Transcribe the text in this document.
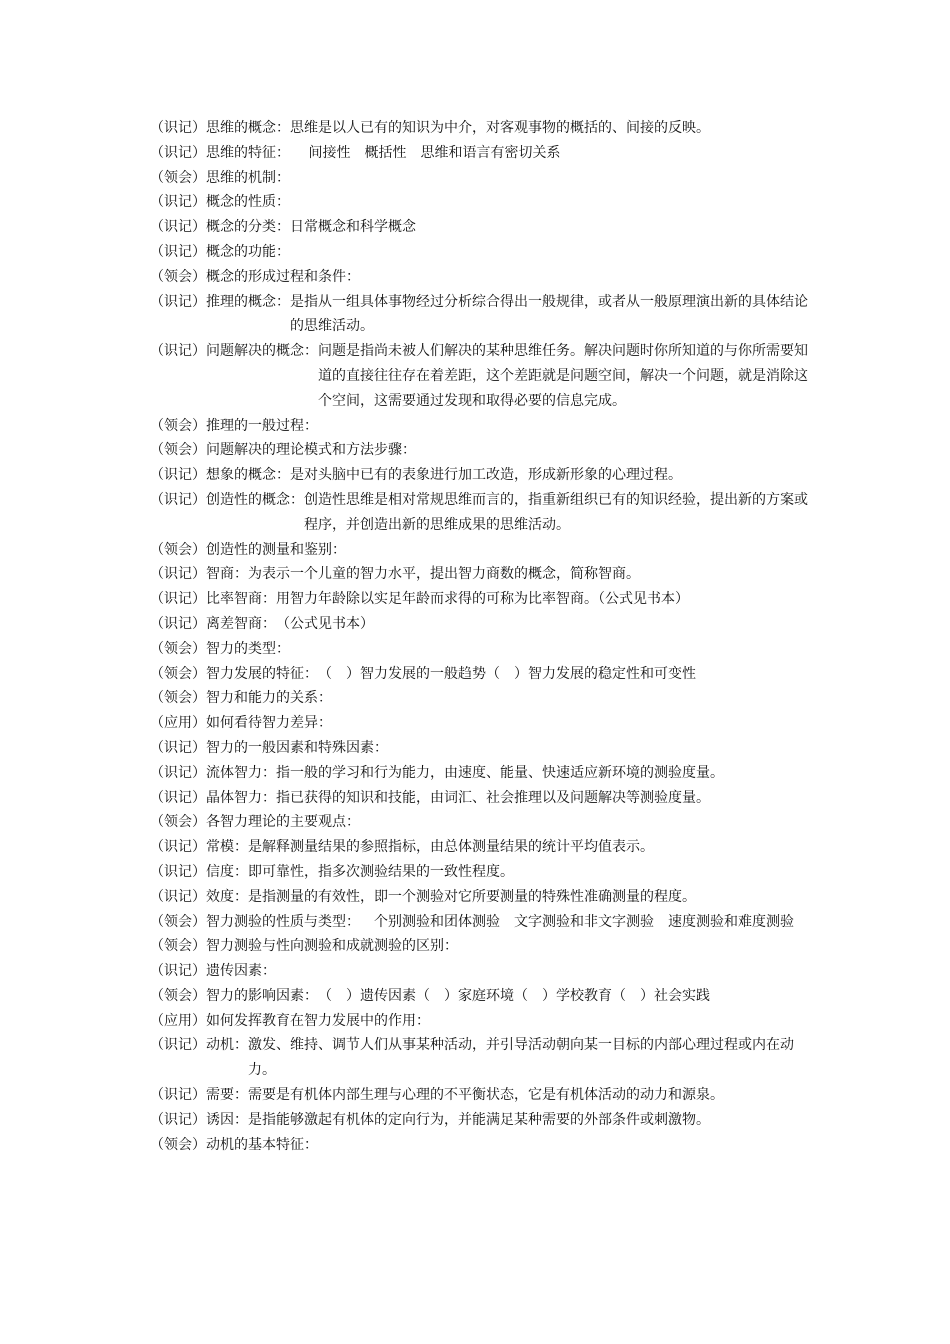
（识记） 思维的概念： 思维是以人已有的知识为中介，对客观事物的概括的、间接的反映。
（识记） 思维的特征： 　 间接性　概括性　思维和语言有密切关系
（领会） 思维的机制：
（识记） 概念的性质：
（识记） 概念的分类： 日常概念和科学概念
（识记） 概念的功能：
（领会） 概念的形成过程和条件：
（识记） 推理的概念： 是指从一组具体事物经过分析综合得出一般规律，或者从一般原理演出新的具体结论的思维活动。
（识记） 问题解决的概念： 问题是指尚未被人们解决的某种思维任务。解决问题时你所知道的与你所需要知道的直接往往存在着差距，这个差距就是问题空间，解决一个问题，就是消除这个空间，这需要通过发现和取得必要的信息完成。
（领会） 推理的一般过程：
（领会） 问题解决的理论模式和方法步骤：
（识记） 想象的概念： 是对头脑中已有的表象进行加工改造，形成新形象的心理过程。
（识记） 创造性的概念： 创造性思维是相对常规思维而言的，指重新组织已有的知识经验，提出新的方案或程序，并创造出新的思维成果的思维活动。
（领会） 创造性的测量和鉴别：
（识记） 智商： 为表示一个儿童的智力水平，提出智力商数的概念，简称智商。
（识记） 比率智商： 用智力年龄除以实足年龄而求得的可称为比率智商。（公式见书本）
（识记） 离差智商： （公式见书本）
（领会） 智力的类型：
（领会） 智力发展的特征： （　）智力发展的一般趋势（　）智力发展的稳定性和可变性
（领会） 智力和能力的关系：
（应用） 如何看待智力差异：
（识记） 智力的一般因素和特殊因素：
（识记） 流体智力： 指一般的学习和行为能力，由速度、能量、快速适应新环境的测验度量。
（识记） 晶体智力： 指已获得的知识和技能，由词汇、社会推理以及问题解决等测验度量。
（领会） 各智力理论的主要观点：
（识记） 常模： 是解释测量结果的参照指标，由总体测量结果的统计平均值表示。
（识记） 信度： 即可靠性，指多次测验结果的一致性程度。
（识记） 效度： 是指测量的有效性，即一个测验对它所要测量的特殊性准确测量的程度。
（领会） 智力测验的性质与类型： 　个别测验和团体测验　文字测验和非文字测验　速度测验和难度测验
（领会） 智力测验与性向测验和成就测验的区别：
（识记） 遗传因素：
（领会） 智力的影响因素： （　）遗传因素（　）家庭环境（　）学校教育（　）社会实践
（应用） 如何发挥教育在智力发展中的作用：
（识记） 动机： 激发、维持、调节人们从事某种活动，并引导活动朝向某一目标的内部心理过程或内在动力。
（识记） 需要： 需要是有机体内部生理与心理的不平衡状态，它是有机体活动的动力和源泉。
（识记） 诱因： 是指能够激起有机体的定向行为，并能满足某种需要的外部条件或刺激物。
（领会） 动机的基本特征：
